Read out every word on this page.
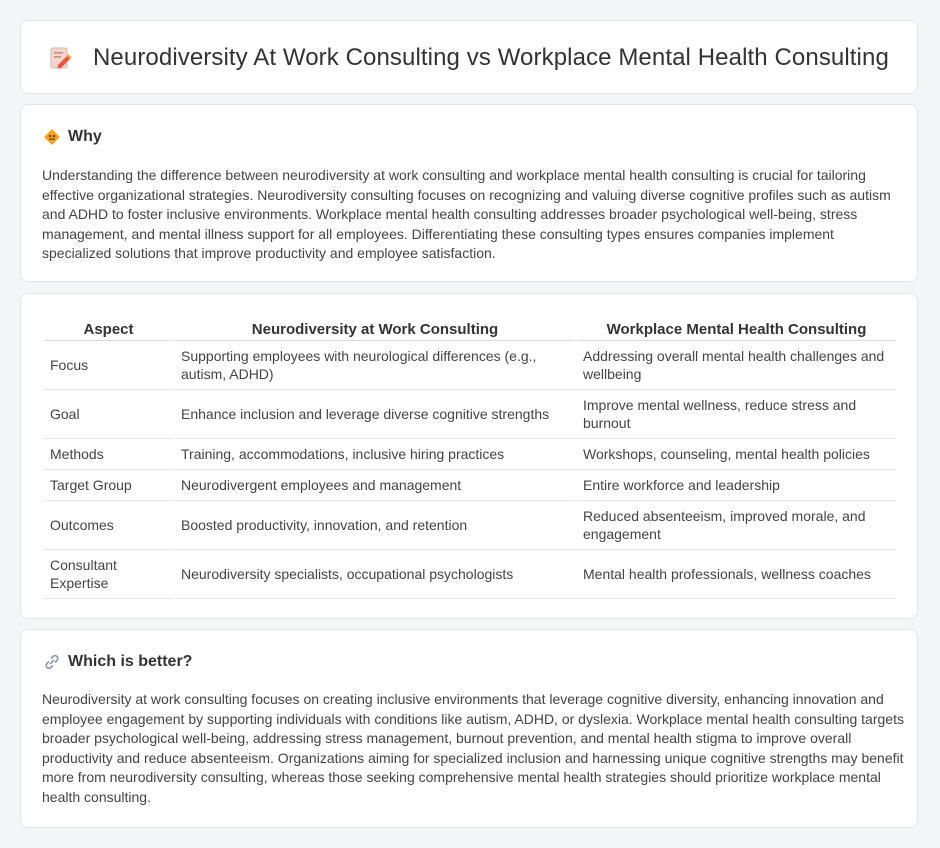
Neurodiversity At Work Consulting vs Workplace Mental Health Consulting
Why

Understanding the difference between neurodiversity at work consulting and workplace mental health consulting is crucial for tailoring effective organizational strategies. Neurodiversity consulting focuses on recognizing and valuing diverse cognitive profiles such as autism and ADHD to foster inclusive environments. Workplace mental health consulting addresses broader psychological well-being, stress management, and mental illness support for all employees. Differentiating these consulting types ensures companies implement specialized solutions that improve productivity and employee satisfaction.

Aspect	Neurodiversity at Work Consulting	Workplace Mental Health Consulting
Focus	Supporting employees with neurological differences (e.g., autism, ADHD)	Addressing overall mental health challenges and wellbeing
Goal	Enhance inclusion and leverage diverse cognitive strengths	Improve mental wellness, reduce stress and burnout
Methods	Training, accommodations, inclusive hiring practices	Workshops, counseling, mental health policies
Target Group	Neurodivergent employees and management	Entire workforce and leadership
Outcomes	Boosted productivity, innovation, and retention	Reduced absenteeism, improved morale, and engagement
Consultant Expertise	Neurodiversity specialists, occupational psychologists	Mental health professionals, wellness coaches
Which is better?

Neurodiversity at work consulting focuses on creating inclusive environments that leverage cognitive diversity, enhancing innovation and employee engagement by supporting individuals with conditions like autism, ADHD, or dyslexia. Workplace mental health consulting targets broader psychological well-being, addressing stress management, burnout prevention, and mental health stigma to improve overall productivity and reduce absenteeism. Organizations aiming for specialized inclusion and harnessing unique cognitive strengths may benefit more from neurodiversity consulting, whereas those seeking comprehensive mental health strategies should prioritize workplace mental health consulting.
